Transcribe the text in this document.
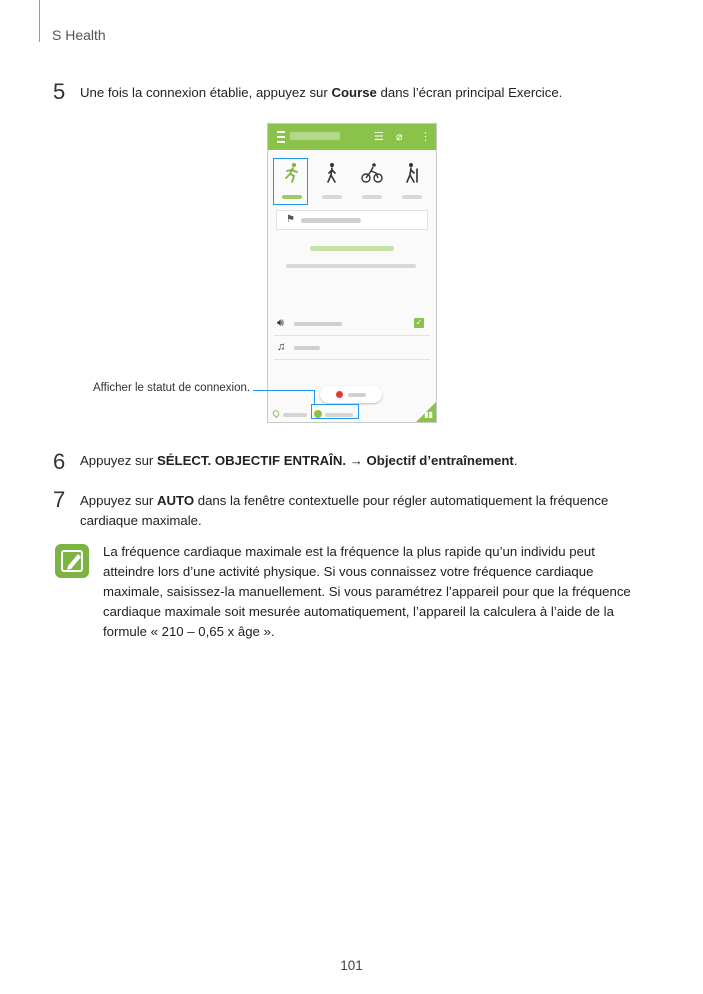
S Health
5 Une fois la connexion établie, appuyez sur Course dans l’écran principal Exercice.
☰ ⌀ ⋮
⚑
🔊︎	✓
♫
▮▮
Afficher le statut de connexion.
6 Appuyez sur SÉLECT. OBJECTIF ENTRAÎN. → Objectif d’entraînement.
7 Appuyez sur AUTO dans la fenêtre contextuelle pour régler automatiquement la fréquence cardiaque maximale.
La fréquence cardiaque maximale est la fréquence la plus rapide qu’un individu peut atteindre lors d’une activité physique. Si vous connaissez votre fréquence cardiaque maximale, saisissez-la manuellement. Si vous paramétrez l’appareil pour que la fréquence cardiaque maximale soit mesurée automatiquement, l’appareil la calculera à l’aide de la formule « 210 – 0,65 x âge ».
101
